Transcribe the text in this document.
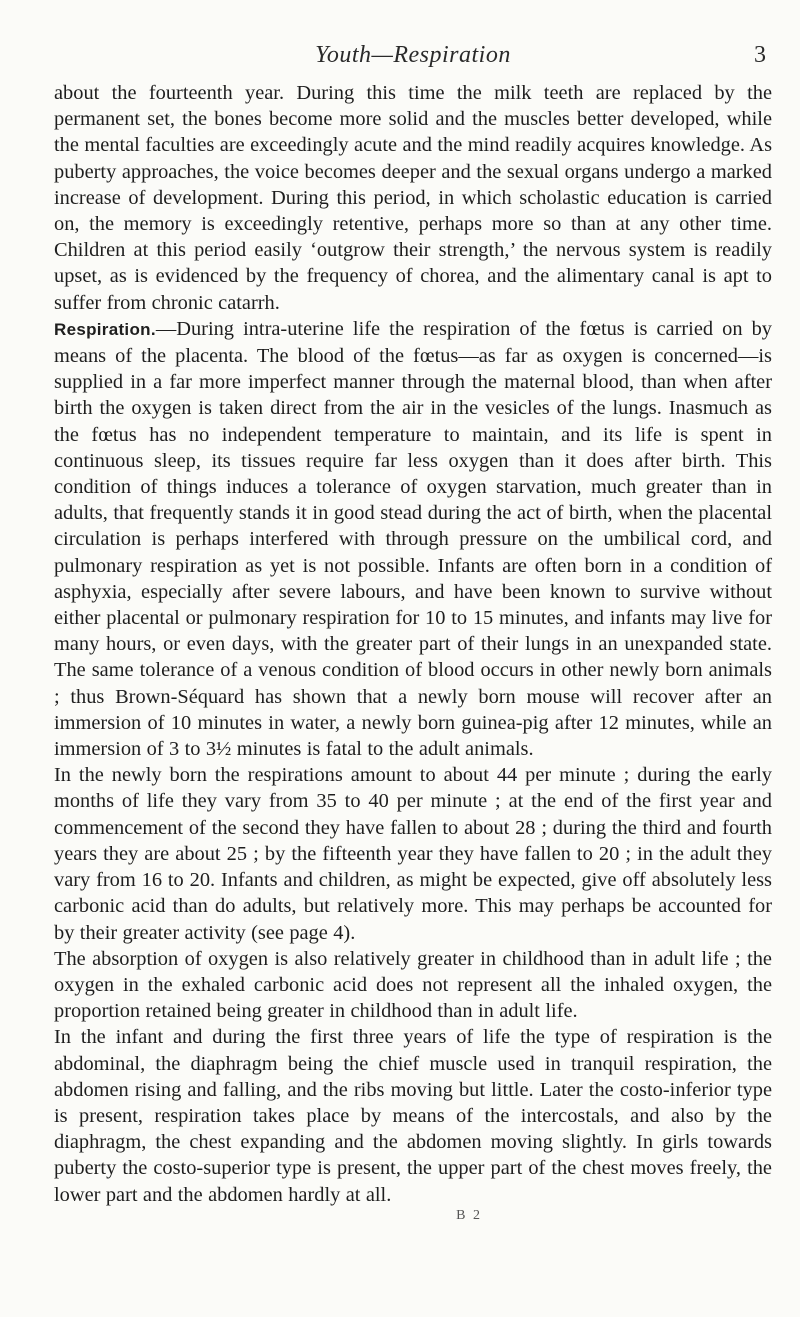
Youth—Respiration	3

about the fourteenth year. During this time the milk teeth are replaced by the permanent set, the bones become more solid and the muscles better developed, while the mental faculties are exceedingly acute and the mind readily acquires knowledge. As puberty approaches, the voice becomes deeper and the sexual organs undergo a marked increase of development. During this period, in which scholastic education is carried on, the memory is exceedingly retentive, perhaps more so than at any other time. Children at this period easily ‘outgrow their strength,’ the nervous system is readily upset, as is evidenced by the frequency of chorea, and the alimentary canal is apt to suffer from chronic catarrh.

Respiration.—During intra-uterine life the respiration of the fœtus is carried on by means of the placenta. The blood of the fœtus—as far as oxygen is concerned—is supplied in a far more imperfect manner through the maternal blood, than when after birth the oxygen is taken direct from the air in the vesicles of the lungs. Inasmuch as the fœtus has no independent temperature to maintain, and its life is spent in continuous sleep, its tissues require far less oxygen than it does after birth. This condition of things induces a tolerance of oxygen starvation, much greater than in adults, that frequently stands it in good stead during the act of birth, when the placental circulation is perhaps interfered with through pressure on the umbilical cord, and pulmonary respiration as yet is not possible. Infants are often born in a condition of asphyxia, especially after severe labours, and have been known to survive without either placental or pulmonary respiration for 10 to 15 minutes, and infants may live for many hours, or even days, with the greater part of their lungs in an unexpanded state. The same tolerance of a venous condition of blood occurs in other newly born animals ; thus Brown-Séquard has shown that a newly born mouse will recover after an immersion of 10 minutes in water, a newly born guinea-pig after 12 minutes, while an immersion of 3 to 3½ minutes is fatal to the adult animals.

In the newly born the respirations amount to about 44 per minute ; during the early months of life they vary from 35 to 40 per minute ; at the end of the first year and commencement of the second they have fallen to about 28 ; during the third and fourth years they are about 25 ; by the fifteenth year they have fallen to 20 ; in the adult they vary from 16 to 20. Infants and children, as might be expected, give off absolutely less carbonic acid than do adults, but relatively more. This may perhaps be accounted for by their greater activity (see page 4).

The absorption of oxygen is also relatively greater in childhood than in adult life ; the oxygen in the exhaled carbonic acid does not represent all the inhaled oxygen, the proportion retained being greater in childhood than in adult life.

In the infant and during the first three years of life the type of respiration is the abdominal, the diaphragm being the chief muscle used in tranquil respiration, the abdomen rising and falling, and the ribs moving but little. Later the costo-inferior type is present, respiration takes place by means of the intercostals, and also by the diaphragm, the chest expanding and the abdomen moving slightly. In girls towards puberty the costo-superior type is present, the upper part of the chest moves freely, the lower part and the abdomen hardly at all.

B 2
